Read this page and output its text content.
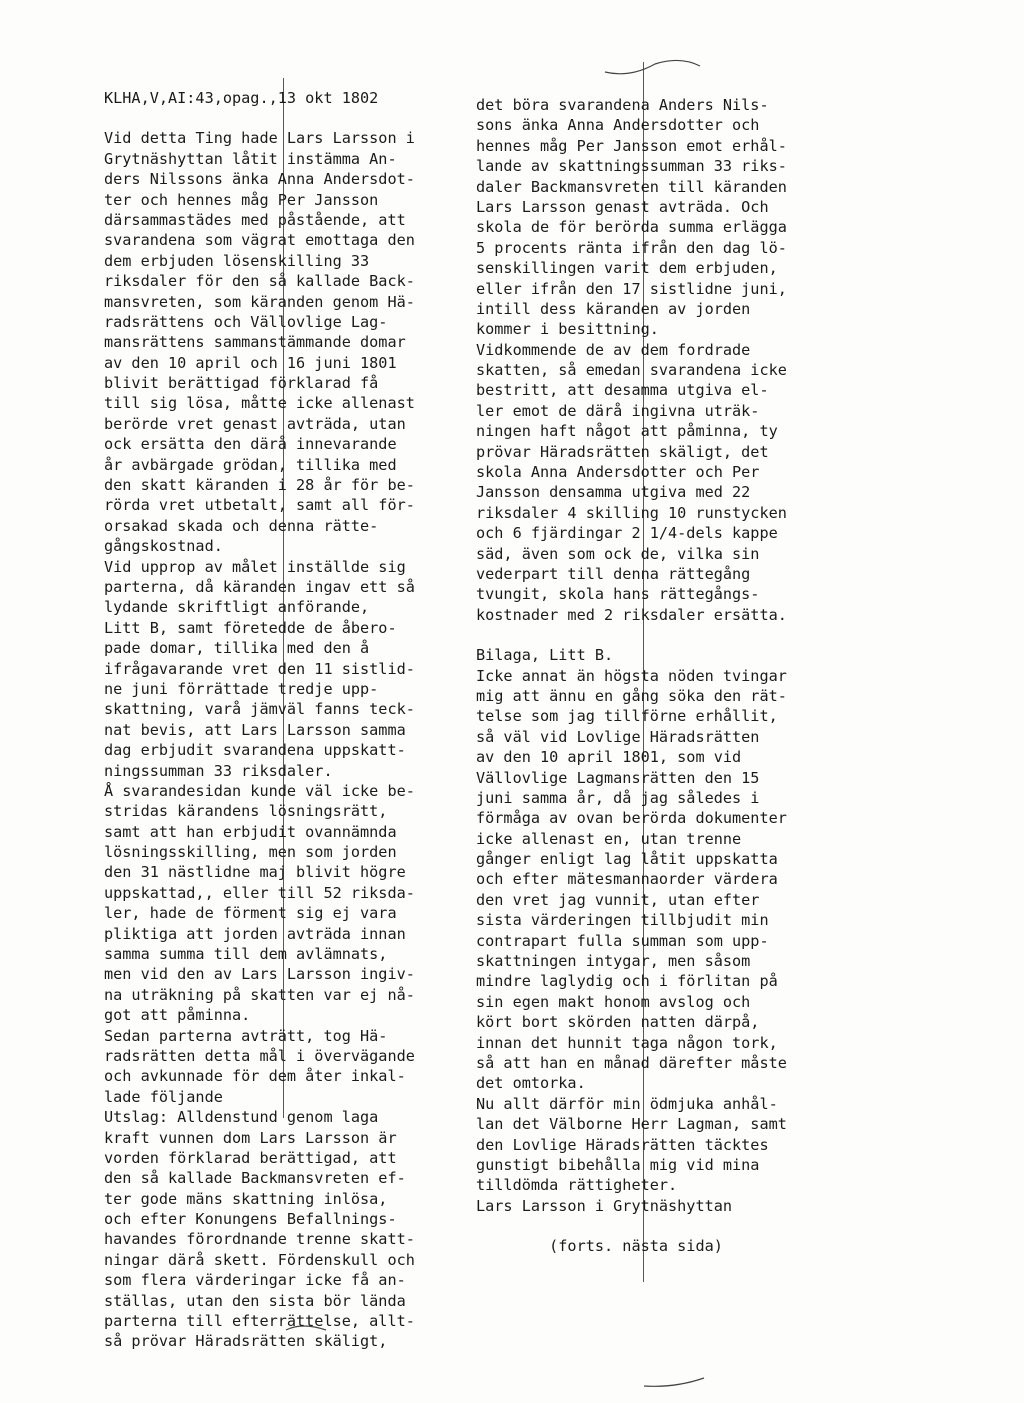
KLHA,V,AI:43,opag.,13 okt 1802
Vid detta Ting hade Lars Larsson i
Grytnäshyttan låtit instämma An-
ders Nilssons änka Anna Andersdot-
ter och hennes måg Per Jansson
därsammastädes med påstående, att
svarandena som vägrat emottaga den
dem erbjuden lösenskilling 33
riksdaler för den så kallade Back-
mansvreten, som käranden genom Hä-
radsrättens och Vällovlige Lag-
mansrättens sammanstämmande domar
av den 10 april och 16 juni 1801
blivit berättigad förklarad få
till sig lösa, måtte icke allenast
berörde vret genast avträda, utan
ock ersätta den därå innevarande
år avbärgade grödan, tillika med
den skatt käranden i 28 år för be-
rörda vret utbetalt, samt all för-
orsakad skada och denna rätte-
gångskostnad.
Vid upprop av målet inställde sig
parterna, då käranden ingav ett så
lydande skriftligt anförande,
Litt B, samt företedde de åbero-
pade domar, tillika med den å
ifrågavarande vret den 11 sistlid-
ne juni förrättade tredje upp-
skattning, varå jämväl fanns teck-
nat bevis, att Lars Larsson samma
dag erbjudit svarandena uppskatt-
ningssumman 33 riksdaler.
Å svarandesidan kunde väl icke be-
stridas kärandens lösningsrätt,
samt att han erbjudit ovannämnda
lösningsskilling, men som jorden
den 31 nästlidne maj blivit högre
uppskattad,, eller till 52 riksda-
ler, hade de förment sig ej vara
pliktiga att jorden avträda innan
samma summa till dem avlämnats,
men vid den av Lars Larsson ingiv-
na uträkning på skatten var ej nå-
got att påminna.
Sedan parterna avträtt, tog Hä-
radsrätten detta mål i övervägande
och avkunnade för dem åter inkal-
lade följande
Utslag: Alldenstund genom laga
kraft vunnen dom Lars Larsson är
vorden förklarad berättigad, att
den så kallade Backmansvreten ef-
ter gode mäns skattning inlösa,
och efter Konungens Befallnings-
havandes förordnande trenne skatt-
ningar därå skett. Fördenskull och
som flera värderingar icke få an-
ställas, utan den sista bör lända
parterna till efterrättelse, allt-
så prövar Häradsrätten skäligt,
det böra svarandena Anders Nils-
sons änka Anna Andersdotter och
hennes måg Per Jansson emot erhål-
lande av skattningssumman 33 riks-
daler Backmansvreten till käranden
Lars Larsson genast avträda. Och
skola de för berörda summa erlägga
5 procents ränta ifrån den dag lö-
senskillingen varit dem erbjuden,
eller ifrån den 17 sistlidne juni,
intill dess käranden av jorden
kommer i besittning.
Vidkommende de av dem fordrade
skatten, så emedan svarandena icke
bestritt, att desamma utgiva el-
ler emot de därå ingivna uträk-
ningen haft något att påminna, ty
prövar Häradsrätten skäligt, det
skola Anna Andersdotter och Per
Jansson densamma utgiva med 22
riksdaler 4 skilling 10 runstycken
och 6 fjärdingar 2 1/4-dels kappe
säd, även som ock de, vilka sin
vederpart till denna rättegång
tvungit, skola hans rättegångs-
kostnader med 2 riksdaler ersätta.
Bilaga, Litt B.
Icke annat än högsta nöden tvingar
mig att ännu en gång söka den rät-
telse som jag tillförne erhållit,
så väl vid Lovlige Häradsrätten
av den 10 april 1801, som vid
Vällovlige Lagmansrätten den 15
juni samma år, då jag således i
förmåga av ovan berörda dokumenter
icke allenast en, utan trenne
gånger enligt lag låtit uppskatta
och efter mätesmannaorder värdera
den vret jag vunnit, utan efter
sista värderingen tillbjudit min
contrapart fulla summan som upp-
skattningen intygar, men såsom
mindre laglydig och i förlitan på
sin egen makt honom avslog och
kört bort skörden natten därpå,
innan det hunnit taga någon tork,
så att han en månad därefter måste
det omtorka.
Nu allt därför min ödmjuka anhål-
lan det Välborne Herr Lagman, samt
den Lovlige Häradsrätten täcktes
gunstigt bibehålla mig vid mina
tilldömda rättigheter.
Lars Larsson i Grytnäshyttan
(forts. nästa sida)
